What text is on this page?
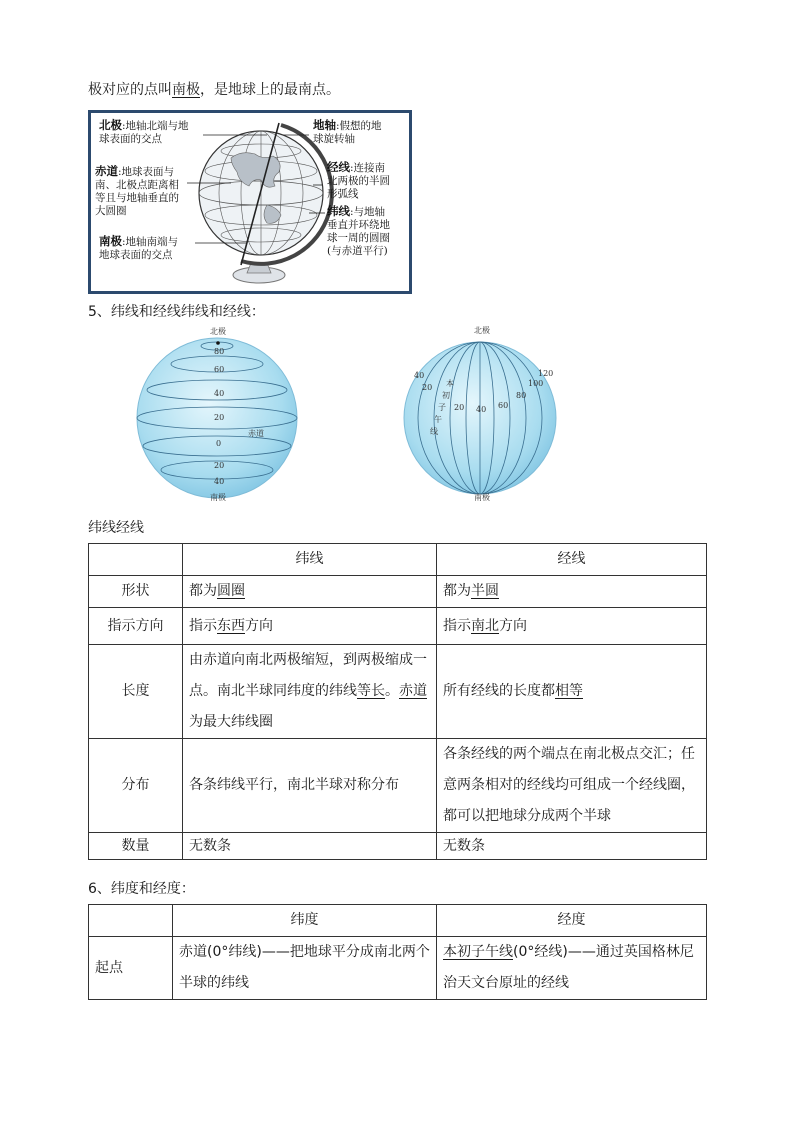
极对应的点叫南极，是地球上的最南点。
北极:地轴北端与地
球表面的交点
赤道:地球表面与
南、北极点距离相
等且与地轴垂直的
大圆圈
南极:地轴南端与
地球表面的交点
地轴:假想的地
球旋转轴
经线:连接南
北两极的半圆
形弧线
纬线:与地轴
垂直并环绕地
球一周的圆圈
(与赤道平行)
5、纬线和经线纬线和经线：
北极
南极
赤道
80
60
40
20
0
20
40
北极
南极
本
初
子
午
线
40
20
20 40 60
80
100
120
纬线经线
	纬线	经线
形状	都为圆圈	都为半圆
指示方向	指示东西方向	指示南北方向
长度	由赤道向南北两极缩短，到两极缩成一
点。南北半球同纬度的纬线等长。赤道
为最大纬线圈	所有经线的长度都相等
分布	各条纬线平行，南北半球对称分布	各条经线的两个端点在南北极点交汇；任
意两条相对的经线均可组成一个经线圈，
都可以把地球分成两个半球
数量	无数条	无数条
6、纬度和经度：
	纬度	经度
起点	赤道(0°纬线)——把地球平分成南北两个
半球的纬线	本初子午线(0°经线)——通过英国格林尼
治天文台原址的经线
